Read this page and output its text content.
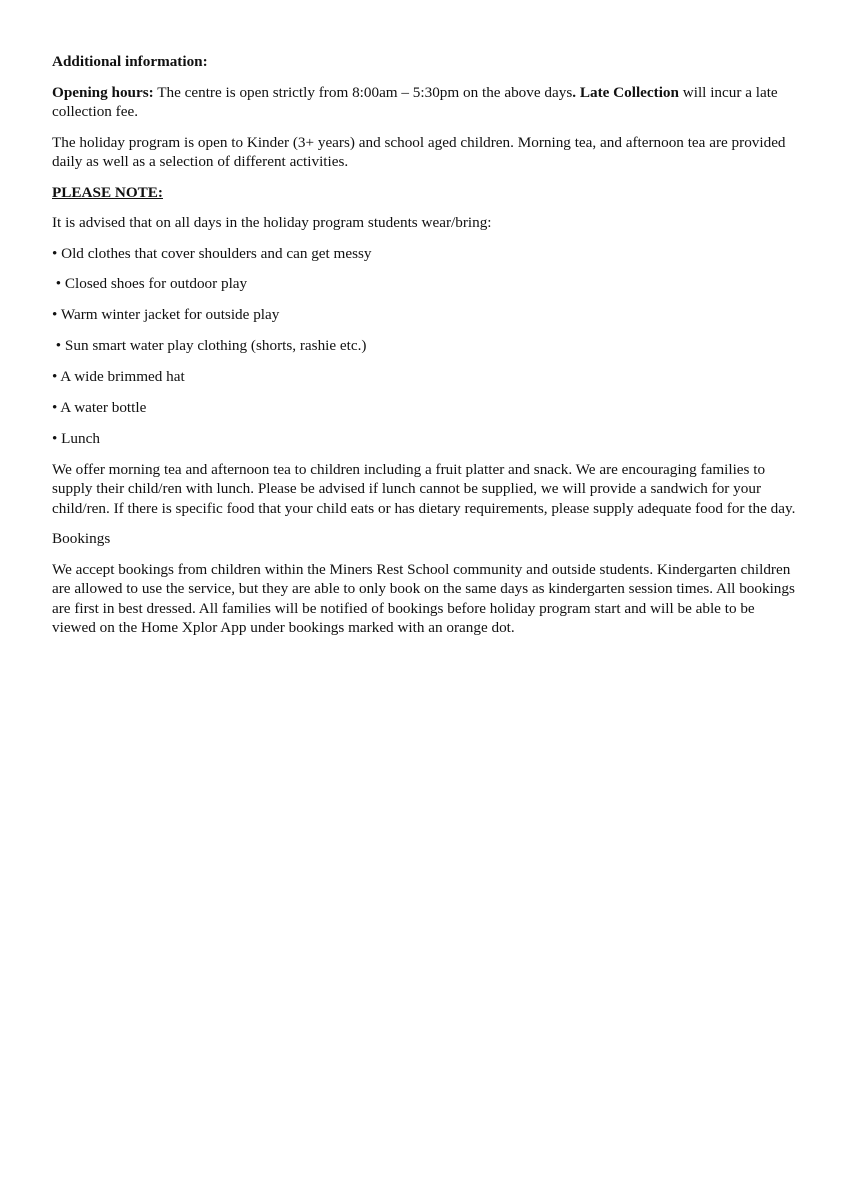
Additional information:

Opening hours: The centre is open strictly from 8:00am – 5:30pm on the above days. Late Collection will incur a late collection fee.

The holiday program is open to Kinder (3+ years) and school aged children. Morning tea, and afternoon tea are provided daily as well as a selection of different activities.

PLEASE NOTE:

It is advised that on all days in the holiday program students wear/bring:

• Old clothes that cover shoulders and can get messy

• Closed shoes for outdoor play

• Warm winter jacket for outside play

• Sun smart water play clothing (shorts, rashie etc.)

• A wide brimmed hat

• A water bottle

• Lunch

We offer morning tea and afternoon tea to children including a fruit platter and snack. We are encouraging families to supply their child/ren with lunch. Please be advised if lunch cannot be supplied, we will provide a sandwich for your child/ren. If there is specific food that your child eats or has dietary requirements, please supply adequate food for the day.

Bookings

We accept bookings from children within the Miners Rest School community and outside students. Kindergarten children are allowed to use the service, but they are able to only book on the same days as kindergarten session times. All bookings are first in best dressed. All families will be notified of bookings before holiday program start and will be able to be viewed on the Home Xplor App under bookings marked with an orange dot.
